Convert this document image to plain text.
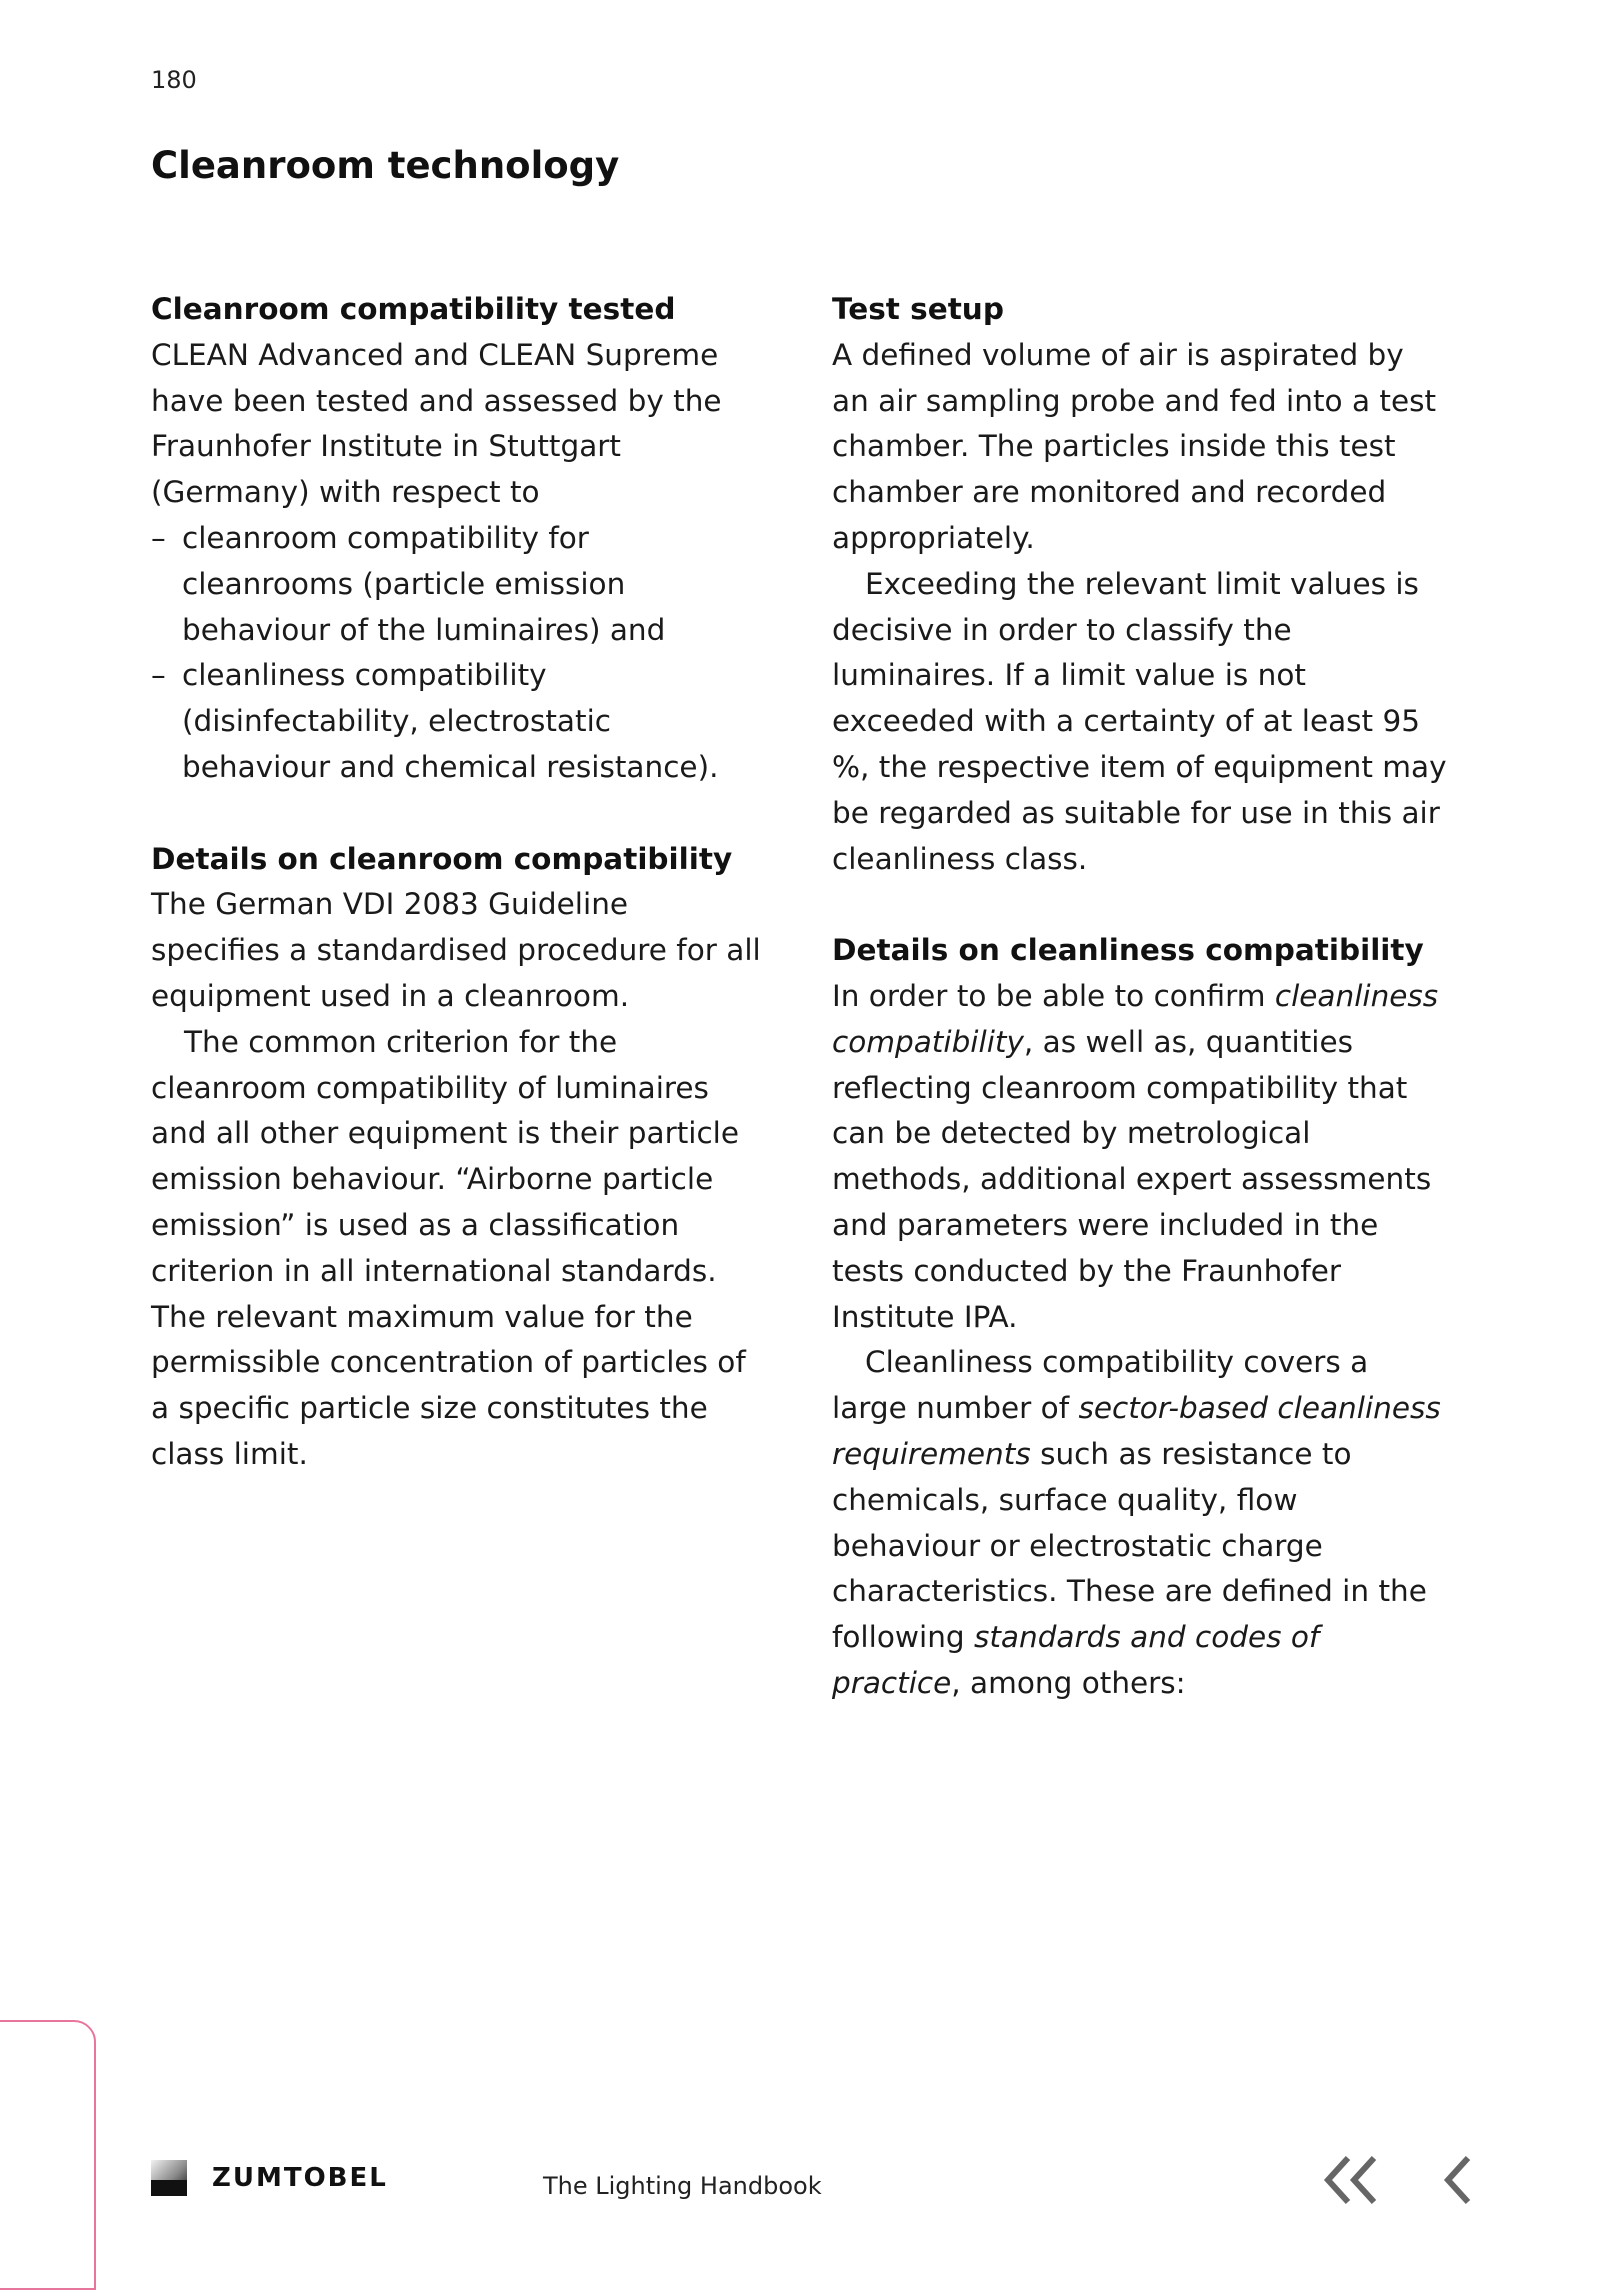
180
Cleanroom technology
Cleanroom compatibility tested

CLEAN Advanced and CLEAN Supreme have been tested and assessed by the Fraunhofer Institute in Stuttgart (Germany) with respect to

– cleanroom compatibility for cleanrooms (particle emission behaviour of the luminaires) and
– cleanliness compatibility (disinfectability, electrostatic behaviour and chemical resistance).
Details on cleanroom compatibility

The German VDI 2083 Guideline specifies a standardised procedure for all equipment used in a cleanroom.

The common criterion for the cleanroom compatibility of luminaires and all other equipment is their particle emission behaviour. “Airborne particle emission” is used as a classification criterion in all international standards. The relevant maximum value for the permissible concentration of particles of a specific particle size constitutes the class limit.

Test setup

A defined volume of air is aspirated by an air sampling probe and fed into a test chamber. The particles inside this test chamber are monitored and recorded appropriately.

Exceeding the relevant limit values is decisive in order to classify the luminaires. If a limit value is not exceeded with a certainty of at least 95 %, the respective item of equipment may be regarded as suitable for use in this air cleanliness class.

Details on cleanliness compatibility

In order to be able to confirm cleanliness compatibility, as well as, quantities reflecting cleanroom compatibility that can be detected by metrological methods, additional expert assessments and parameters were included in the tests conducted by the Fraunhofer Institute IPA.

Cleanliness compatibility covers a large number of sector-based cleanliness requirements such as resistance to chemicals, surface quality, flow behaviour or electrostatic charge characteristics. These are defined in the following standards and codes of practice, among others:

ZUMTOBEL	The Lighting Handbook
